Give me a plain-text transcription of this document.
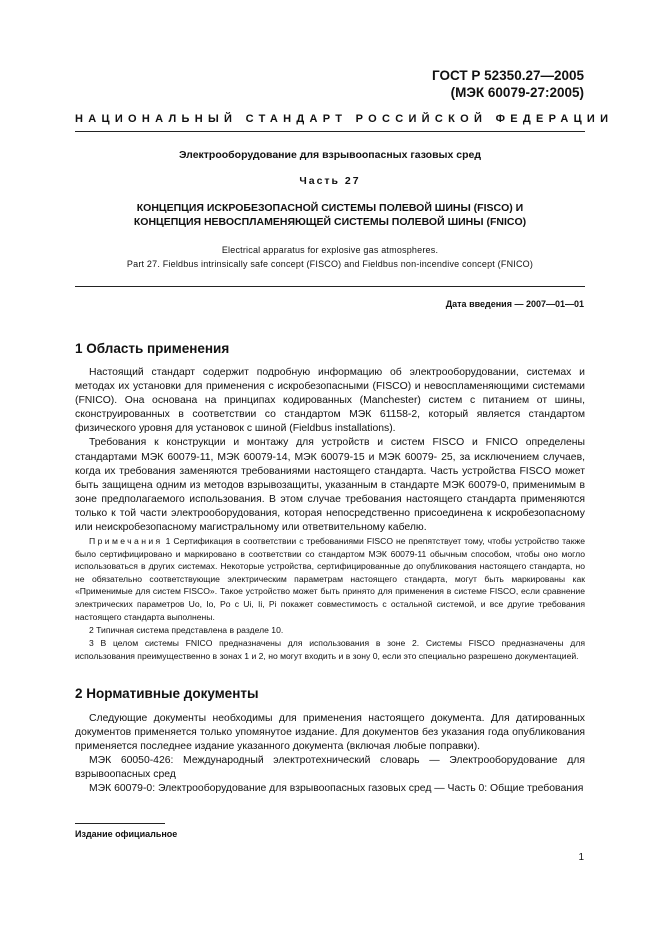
ГОСТ Р 52350.27—2005
(МЭК 60079-27:2005)
НАЦИОНАЛЬНЫЙ СТАНДАРТ РОССИЙСКОЙ ФЕДЕРАЦИИ
Электрооборудование для взрывоопасных газовых сред
Часть 27
КОНЦЕПЦИЯ ИСКРОБЕЗОПАСНОЙ СИСТЕМЫ ПОЛЕВОЙ ШИНЫ (FISCO) И
КОНЦЕПЦИЯ НЕВОСПЛАМЕНЯЮЩЕЙ СИСТЕМЫ ПОЛЕВОЙ ШИНЫ (FNICO)
Electrical apparatus for explosive gas atmospheres.
Part 27. Fieldbus intrinsically safe concept (FISCO) and Fieldbus non-incendive concept (FNICO)
Дата введения — 2007—01—01
1 Область применения

Настоящий стандарт содержит подробную информацию об электрооборудовании, системах и методах их установки для применения с искробезопасными (FISCO) и невоспламеняющими системами (FNICO). Она основана на принципах кодированных (Manchester) систем с питанием от шины, сконструированных в соответствии со стандартом МЭК 61158-2, который является стандартом физического уровня для установок с шиной (Fieldbus installations).

Требования к конструкции и монтажу для устройств и систем FISCO и FNICO определены стандартами МЭК 60079-11, МЭК 60079-14, МЭК 60079-15 и МЭК 60079- 25, за исключением случаев, когда их требования заменяются требованиями настоящего стандарта. Часть устройства FISCO может быть защищена одним из методов взрывозащиты, указанным в стандарте МЭК 60079-0, применимым в зоне предполагаемого использования. В этом случае требования настоящего стандарта применяются только к той части электрооборудования, которая непосредственно присоединена к искробезопасному или неискробезопасному магистральному или ответвительному кабелю.

Примечания 1 Сертификация в соответствии с требованиями FISCO не препятствует тому, чтобы устройство также было сертифицировано и маркировано в соответствии со стандартом МЭК 60079-11 обычным способом, чтобы оно могло использоваться в других системах. Некоторые устройства, сертифицированные до опубликования настоящего стандарта, но не обязательно соответствующие электрическим параметрам настоящего стандарта, могут быть маркированы как «Применимые для систем FISCO». Такое устройство может быть принято для применения в системе FISCO, если сравнение электрических параметров Uo, Io, Po с Ui, Ii, Pi покажет совместимость с остальной системой, и все другие требования настоящего стандарта выполнены.

2 Типичная система представлена в разделе 10.

3 В целом системы FNICO предназначены для использования в зоне 2. Системы FISCO предназначены для использования преимущественно в зонах 1 и 2, но могут входить и в зону 0, если это специально разрешено документацией.

2 Нормативные документы

Следующие документы необходимы для применения настоящего документа. Для датированных документов применяется только упомянутое издание. Для документов без указания года опубликования применяется последнее издание указанного документа (включая любые поправки).

МЭК 60050-426: Международный электротехнический словарь — Электрооборудование для взрывоопасных сред

МЭК 60079-0: Электрооборудование для взрывоопасных газовых сред — Часть 0: Общие требования

Издание официальное
1
